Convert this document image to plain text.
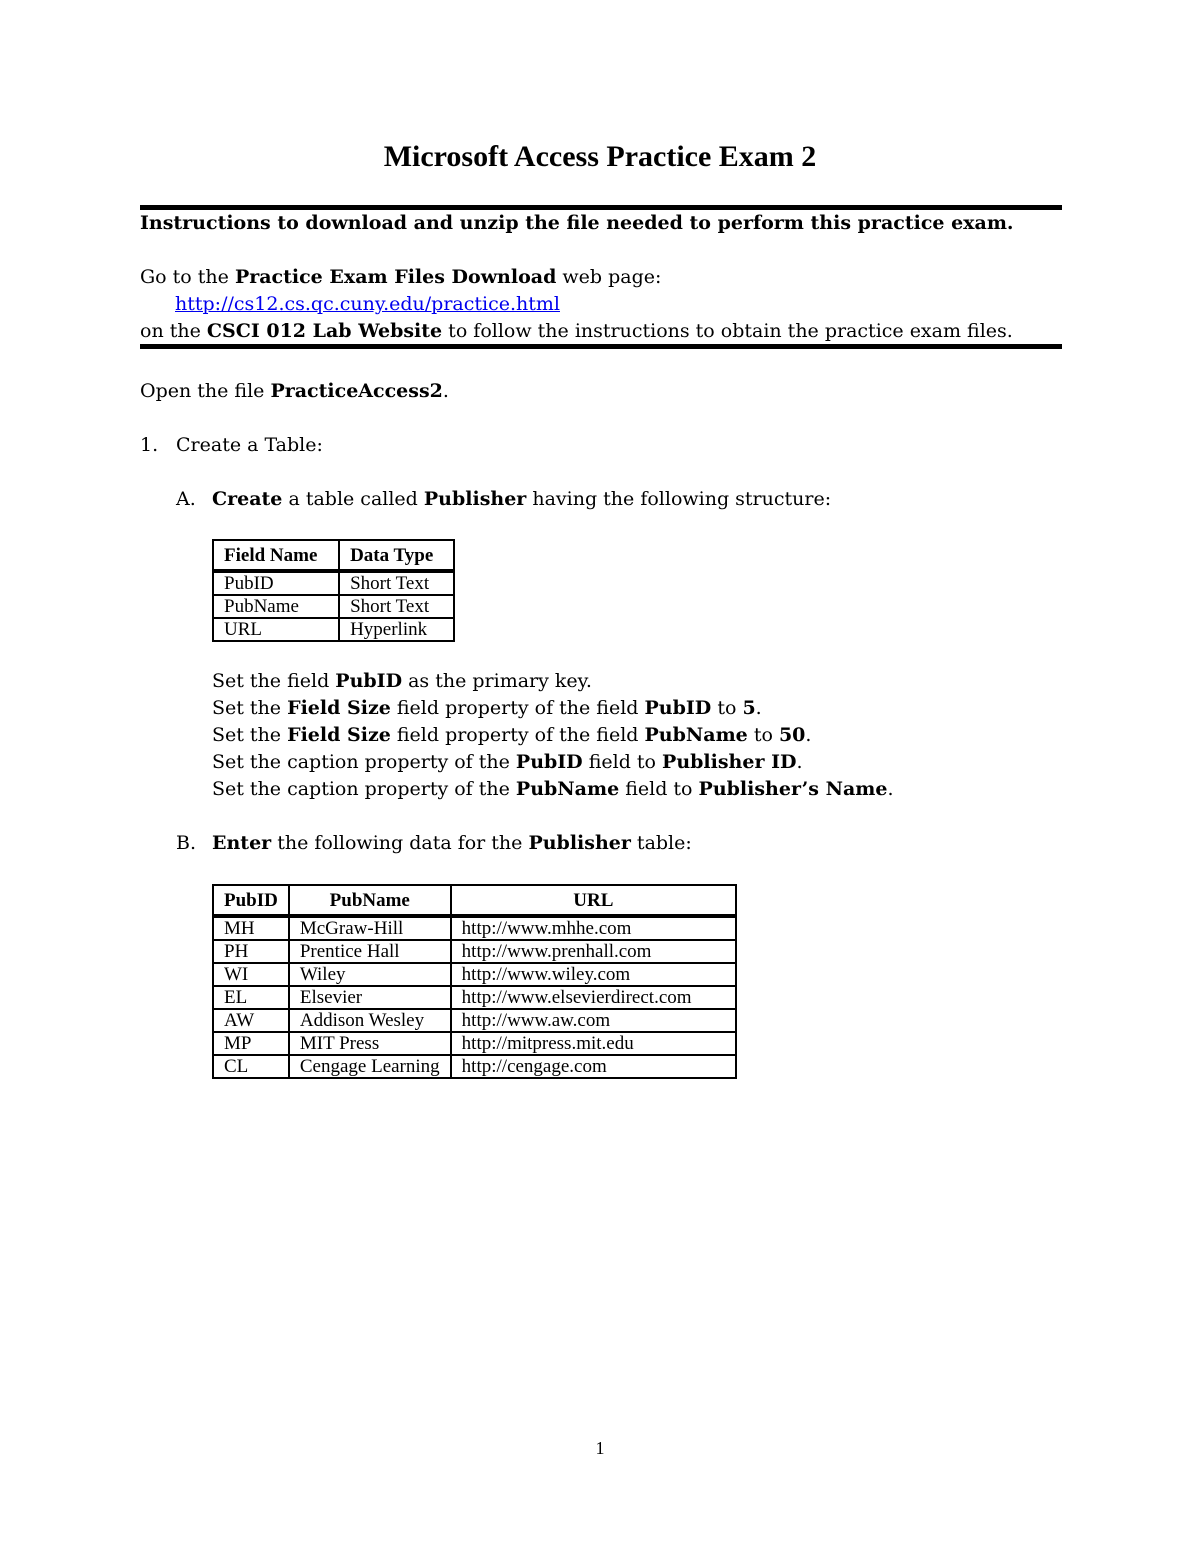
Microsoft Access Practice Exam 2
Instructions to download and unzip the file needed to perform this practice exam.
Go to the Practice Exam Files Download web page:
http://cs12.cs.qc.cuny.edu/practice.html
on the CSCI 012 Lab Website to follow the instructions to obtain the practice exam files.
Open the file PracticeAccess2.
1. Create a Table:
A. Create a table called Publisher having the following structure:
Field Name	Data Type
PubID	Short Text
PubName	Short Text
URL	Hyperlink
Set the field PubID as the primary key.
Set the Field Size field property of the field PubID to 5.
Set the Field Size field property of the field PubName to 50.
Set the caption property of the PubID field to Publisher ID.
Set the caption property of the PubName field to Publisher’s Name.
B. Enter the following data for the Publisher table:
PubID	PubName	URL
MH	McGraw-Hill	http://www.mhhe.com
PH	Prentice Hall	http://www.prenhall.com
WI	Wiley	http://www.wiley.com
EL	Elsevier	http://www.elsevierdirect.com
AW	Addison Wesley	http://www.aw.com
MP	MIT Press	http://mitpress.mit.edu
CL	Cengage Learning	http://cengage.com
1
